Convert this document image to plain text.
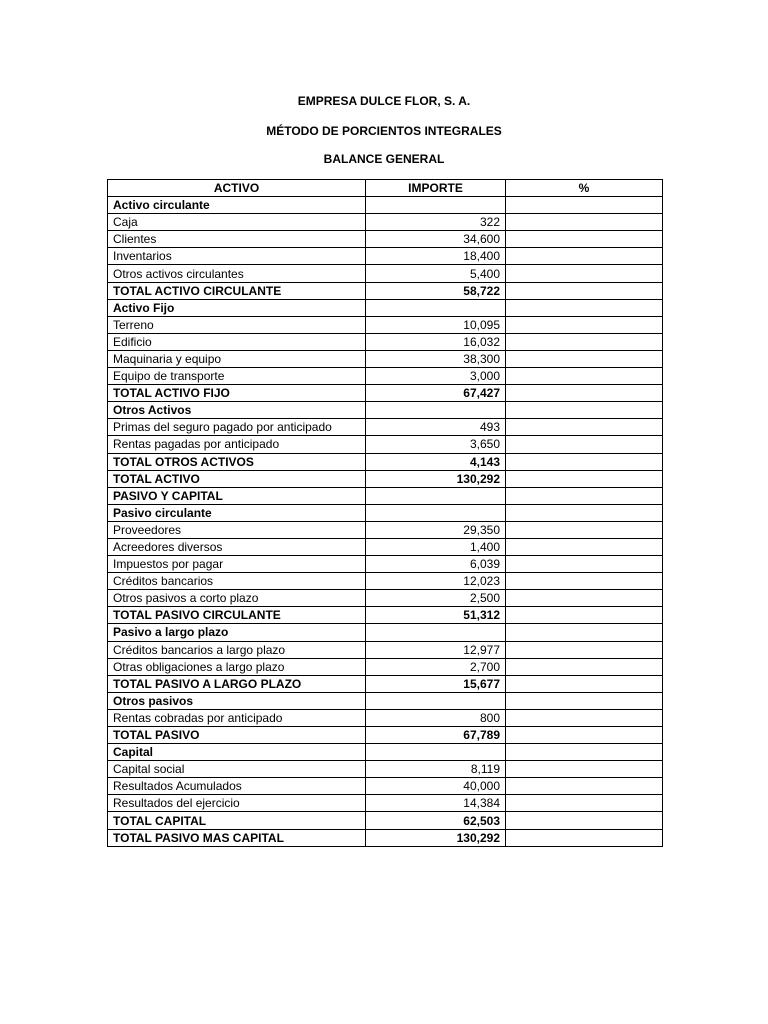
EMPRESA DULCE FLOR, S. A.
MÉTODO DE PORCIENTOS INTEGRALES
BALANCE GENERAL
ACTIVO	IMPORTE	%
Activo circulante		
Caja	322	
Clientes	34,600	
Inventarios	18,400	
Otros activos circulantes	5,400	
TOTAL ACTIVO CIRCULANTE	58,722	
Activo Fijo		
Terreno	10,095	
Edificio	16,032	
Maquinaria y equipo	38,300	
Equipo de transporte	3,000	
TOTAL ACTIVO FIJO	67,427	
Otros Activos		
Primas del seguro pagado por anticipado	493	
Rentas pagadas por anticipado	3,650	
TOTAL OTROS ACTIVOS	4,143	
TOTAL ACTIVO	130,292	
PASIVO Y CAPITAL		
Pasivo circulante		
Proveedores	29,350	
Acreedores diversos	1,400	
Impuestos por pagar	6,039	
Créditos bancarios	12,023	
Otros pasivos a corto plazo	2,500	
TOTAL PASIVO CIRCULANTE	51,312	
Pasivo a largo plazo		
Créditos bancarios a largo plazo	12,977	
Otras obligaciones a largo plazo	2,700	
TOTAL PASIVO A LARGO PLAZO	15,677	
Otros pasivos		
Rentas cobradas por anticipado	800	
TOTAL PASIVO	67,789	
Capital		
Capital social	8,119	
Resultados Acumulados	40,000	
Resultados del ejercicio	14,384	
TOTAL CAPITAL	62,503	
TOTAL PASIVO MAS CAPITAL	130,292	
